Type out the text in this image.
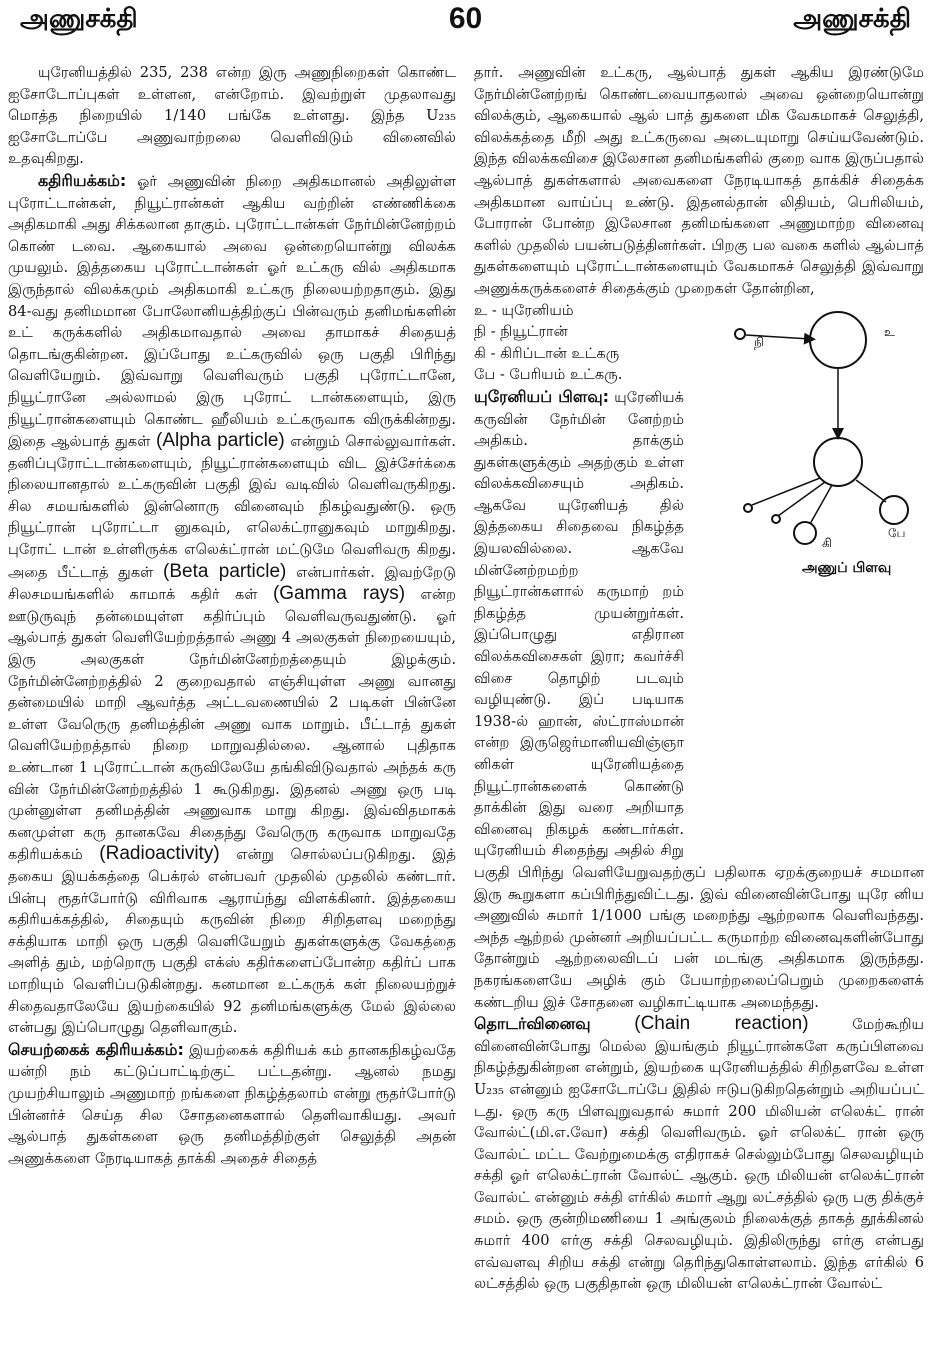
அணுசக்தி	60	அணுசக்தி

யுரேனியத்தில் 235, 238 என்ற இரு அணுநிறைகள் கொண்ட ஐசோடோப்புகள் உள்ளன, என்றோம். இவற்றுள் முதலாவது மொத்த நிறையில் 1/140 பங்கே உள்ளது. இந்த U₂₃₅ ஐசோடோப்பே அணுவாற்றலை வெளிவிடும் வினைவில் உதவுகிறது.

கதிரியக்கம்: ஓர் அணுவின் நிறை அதிகமானல் அதிலுள்ள புரோட்டான்கள், நியூட்ரான்கள் ஆகிய வற்றின் எண்ணிக்கை அதிகமாகி அது சிக்கலான தாகும். புரோட்டான்கள் நேர்மின்னேற்றம் கொண் டவை. ஆகையால் அவை ஒன்றையொன்று விலக்க முயலும். இத்தகைய புரோட்டான்கள் ஓர் உட்கரு வில் அதிகமாக இருந்தால் விலக்கமும் அதிகமாகி உட்கரு நிலையற்றதாகும். இது 84-வது தனிமமான போலோனியத்திற்குப் பின்வரும் தனிமங்களின் உட் கருக்களில் அதிகமாவதால் அவை தாமாகச் சிதையத் தொடங்குகின்றன. இப்போது உட்கருவில் ஒரு பகுதி பிரிந்து வெளியேறும். இவ்வாறு வெளிவரும் பகுதி புரோட்டானே, நியூட்ரானே அல்லாமல் இரு புரோட் டான்களையும், இரு நியூட்ரான்களையும் கொண்ட ஹீலியம் உட்கருவாக விருக்கின்றது. இதை ஆல்பாத் துகள் (Alpha particle) என்றும் சொல்லுவார்கள். தனிப்புரோட்டான்களையும், நியூட்ரான்களையும் விட இச்சேர்க்கை நிலையானதால் உட்கருவின் பகுதி இவ் வடிவில் வெளிவருகிறது. சில சமயங்களில் இன்னொரு வினைவும் நிகழ்வதுண்டு. ஒரு நியூட்ரான் புரோட்டா னுகவும், எலெக்ட்ரானுகவும் மாறுகிறது. புரோட் டான் உள்ளிருக்க எலெக்ட்ரான் மட்டுமே வெளிவரு கிறது. அதை பீட்டாத் துகள் (Beta particle) என்பார்கள். இவற்றேடு சிலசமயங்களில் காமாக் கதிர் கள் (Gamma rays) என்ற ஊடுருவுந் தன்மையுள்ள கதிர்ப்பும் வெளிவருவதுண்டு. ஓர் ஆல்பாத் துகள் வெளியேற்றத்தால் அணு 4 அலகுகள் நிறையையும், இரு அலகுகள் நேர்மின்னேற்றத்தையும் இழக்கும். நேர்மின்னேற்றத்தில் 2 குறைவதால் எஞ்சியுள்ள அணு வானது தன்மையில் மாறி ஆவர்த்த அட்டவணையில் 2 படிகள் பின்னே உள்ள வேருெரு தனிமத்தின் அணு வாக மாறும். பீட்டாத் துகள் வெளியேற்றத்தால் நிறை மாறுவதில்லை. ஆனால் புதிதாக உண்டான 1 புரோட்டான் கருவிலேயே தங்கிவிடுவதால் அந்தக் கரு வின் நேர்மின்னேற்றத்தில் 1 கூடுகிறது. இதனல் அணு ஒரு படி முன்னுள்ள தனிமத்தின் அணுவாக மாறு கிறது. இவ்விதமாகக் கனமுள்ள கரு தானகவே சிதைந்து வேருெரு கருவாக மாறுவதே கதிரியக்கம் (Radioactivity) என்று சொல்லப்படுகிறது. இத் தகைய இயக்கத்தை பெக்ரல் என்பவர் முதலில் முதலில் கண்டார். பின்பு ரூதர்போர்டு விரிவாக ஆராய்ந்து விளக்கினர். இத்தகைய கதிரியக்கத்தில், சிதையும் கருவின் நிறை சிறிதளவு மறைந்து சக்தியாக மாறி ஒரு பகுதி வெளியேறும் துகள்களுக்கு வேகத்தை அளித் தும், மற்றொரு பகுதி எக்ஸ் கதிர்களைப்போன்ற கதிர்ப் பாக மாறியும் வெளிப்படுகின்றது. கனமான உட்கருக் கள் நிலையற்றுச் சிதைவதாலேயே இயற்கையில் 92 தனிமங்களுக்கு மேல் இல்லை என்பது இப்பொழுது தெளிவாகும்.

செயற்கைக் கதிரியக்கம்: இயற்கைக் கதிரியக் கம் தானகநிகழ்வதே யன்றி நம் கட்டுப்பாட்டிற்குட் பட்டதன்று. ஆனல் நமது முயற்சியாலும் அணுமாற் றங்களை நிகழ்த்தலாம் என்று ரூதர்போர்டு பின்னர்ச் செய்த சில சோதனைகளால் தெளிவாகியது. அவர் ஆல்பாத் துகள்களை ஒரு தனிமத்திற்குள் செலுத்தி அதன் அணுக்களை நேரடியாகத் தாக்கி அதைச் சிதைத்

தார். அணுவின் உட்கரு, ஆல்பாத் துகள் ஆகிய இரண்டுமே நேர்மின்னேற்றங் கொண்டவையாதலால் அவை ஒன்றையொன்று விலக்கும், ஆகையால் ஆல் பாத் துகளை மிக வேகமாகச் செலுத்தி, விலக்கத்தை மீறி அது உட்கருவை அடையுமாறு செய்யவேண்டும். இந்த விலக்கவிசை இலேசான தனிமங்களில் குறை வாக இருப்பதால் ஆல்பாத் துகள்களால் அவைகளை நேரடியாகத் தாக்கிச் சிதைக்க அதிகமான வாய்ப்பு உண்டு. இதனல்தான் லிதியம், பெரிலியம், போரான் போன்ற இலேசான தனிமங்களை அணுமாற்ற வினைவு களில் முதலில் பயன்படுத்தினர்கள். பிறகு பல வகை களில் ஆல்பாத் துகள்களையும் புரோட்டான்களையும் வேகமாகச் செலுத்தி இவ்வாறு அணுக்கருக்களைச் சிதைக்கும் முறைகள் தோன்றின,

நி
உ
கி
பே
அணுப் பிளவு

உ - யுரேனியம்
நி - நியூட்ரான்
கி - கிரிப்டான் உட்கரு
பே - பேரியம் உட்கரு.
யுரேனியப் பிளவு: யுரேனியக் கருவின் நேர்மின் னேற்றம் அதிகம். தாக்கும் துகள்களுக்கும் அதற்கும் உள்ள விலக்கவிசையும் அதிகம். ஆகவே யுரேனியத் தில் இத்தகைய சிதைவை நிகழ்த்த இயலவில்லை. ஆகவே மின்னேற்றமற்ற நியூட்ரான்களால் கருமாற் றம் நிகழ்த்த முயன்றுர்கள். இப்பொழுது எதிரான விலக்கவிசைகள் இரா; கவர்ச்சி விசை தொழிற் படவும் வழியுண்டு. இப் படியாக 1938-ல் ஹான், ஸ்ட்ராஸ்மான் என்ற இருஜெர்மானியவிஞ்ஞா னிகள் யுரேனியத்தை நியூட்ரான்களைக் கொண்டு தாக்கின் இது வரை அறியாத வினைவு நிகழக் கண்டார்கள். யுரேனியம் சிதைந்து அதில் சிறு பகுதி பிரிந்து வெளியேறுவதற்குப் பதிலாக ஏறக்குறையச் சமமான இரு கூறுகளா கப்பிரிந்துவிட்டது. இவ் வினைவின்போது யுரே னிய அணுவில் சுமார் 1/1000 பங்கு மறைந்து ஆற்றலாக வெளிவந்தது. அந்த ஆற்றல் முன்னர் அறியப்பட்ட கருமாற்ற வினைவுகளின்போது தோன்றும் ஆற்றலைவிடப் பன் மடங்கு அதிகமாக இருந்தது. நகரங்களையே அழிக் கும் பேயாற்றலைப்பெறும் முறைகளைக் கண்டறிய இச் சோதனை வழிகாட்டியாக அமைந்தது.

தொடர்வினைவு (Chain reaction)	மேற்கூறிய வினைவின்போது மெல்ல இயங்கும் நியூட்ரான்களே கருப்பிளவை நிகழ்த்துகின்றன என்றும், இயற்கை யுரேனியத்தில் சிறிதளவே உள்ள U₂₃₅ என்னும் ஐசோடோப்பே இதில் ஈடுபடுகிறதென்றும் அறியப்பட் டது. ஒரு கரு பிளவுறுவதால் சுமார் 200 மிலியன் எலெக்ட் ரான் வோல்ட்(மி.எ.வோ) சக்தி வெளிவரும். ஓர் எலெக்ட் ரான் ஒரு வோல்ட் மட்ட வேற்றுமைக்கு எதிராகச் செல்லும்போது செலவழியும் சக்தி ஓர் எலெக்ட்ரான் வோல்ட் ஆகும். ஒரு மிலியன் எலெக்ட்ரான் வோல்ட் என்னும் சக்தி எர்கில் சுமார் ஆறு லட்சத்தில் ஒரு பகு திக்குச் சமம். ஒரு குன்றிமணியை 1 அங்குலம் நிலைக்குத் தாகத் தூக்கினல் சுமார் 400 எர்கு சக்தி செலவழியும். இதிலிருந்து எர்கு என்பது எவ்வளவு சிறிய சக்தி என்று தெரிந்துகொள்ளலாம். இந்த எர்கில் 6 லட்சத்தில் ஒரு பகுதிதான் ஒரு மிலியன் எலெக்ட்ரான் வோல்ட்
